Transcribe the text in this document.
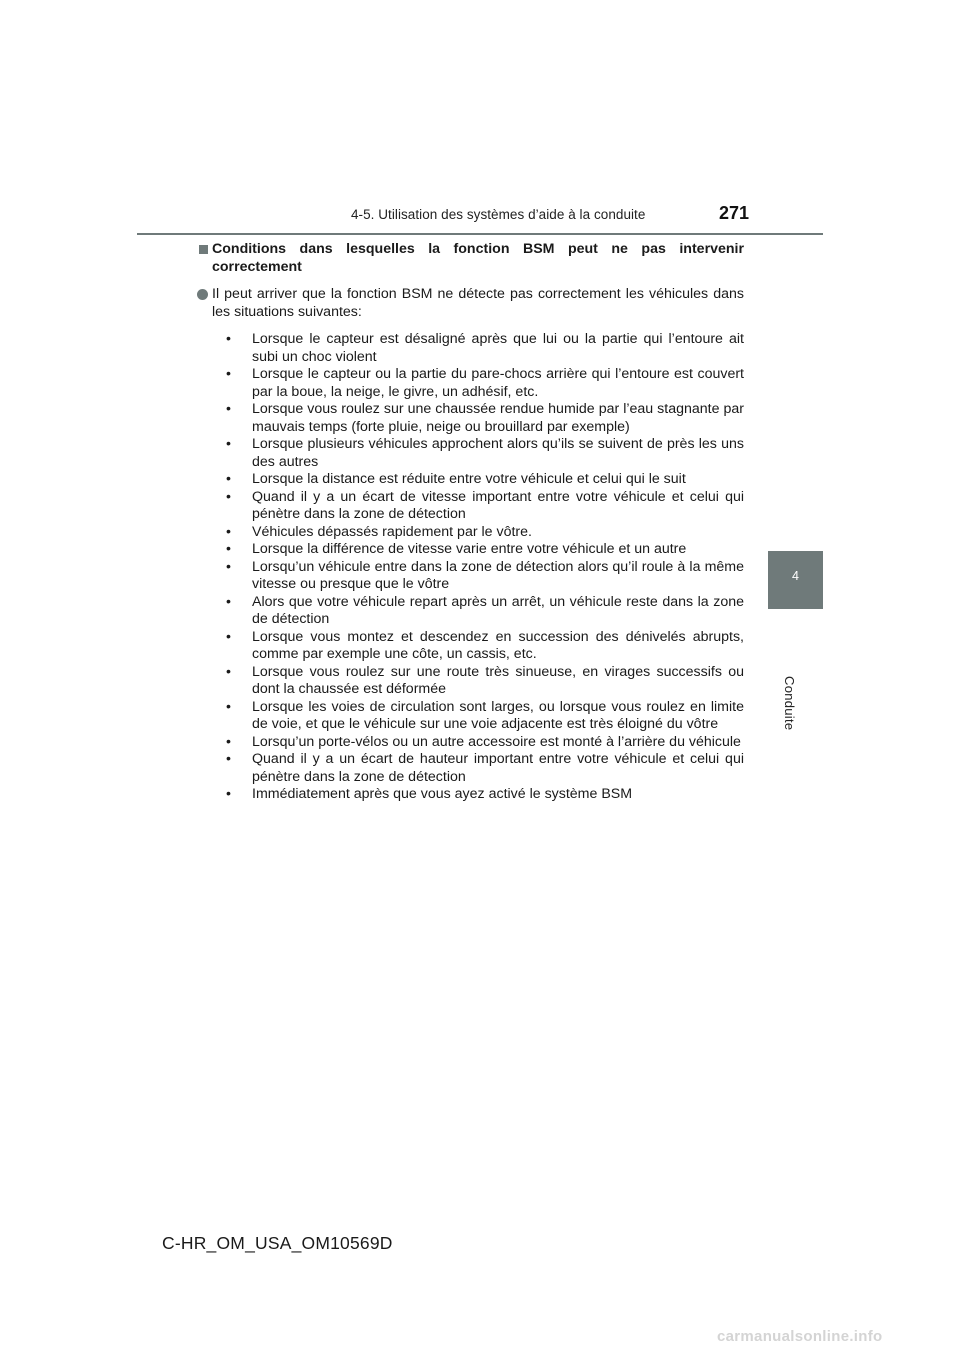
4-5. Utilisation des systèmes d’aide à la conduite	271
4
Conduite
Conditions dans lesquelles la fonction BSM peut ne pas intervenir correctement
Il peut arriver que la fonction BSM ne détecte pas correctement les véhicules dans les situations suivantes:
• Lorsque le capteur est désaligné après que lui ou la partie qui l’entoure ait subi un choc violent
• Lorsque le capteur ou la partie du pare-chocs arrière qui l’entoure est couvert par la boue, la neige, le givre, un adhésif, etc.
• Lorsque vous roulez sur une chaussée rendue humide par l’eau stagnante par mauvais temps (forte pluie, neige ou brouillard par exemple)
• Lorsque plusieurs véhicules approchent alors qu’ils se suivent de près les uns des autres
• Lorsque la distance est réduite entre votre véhicule et celui qui le suit
• Quand il y a un écart de vitesse important entre votre véhicule et celui qui pénètre dans la zone de détection
• Véhicules dépassés rapidement par le vôtre.
• Lorsque la différence de vitesse varie entre votre véhicule et un autre
• Lorsqu’un véhicule entre dans la zone de détection alors qu’il roule à la même vitesse ou presque que le vôtre
• Alors que votre véhicule repart après un arrêt, un véhicule reste dans la zone de détection
• Lorsque vous montez et descendez en succession des dénivelés abrupts, comme par exemple une côte, un cassis, etc.
• Lorsque vous roulez sur une route très sinueuse, en virages successifs ou dont la chaussée est déformée
• Lorsque les voies de circulation sont larges, ou lorsque vous roulez en limite de voie, et que le véhicule sur une voie adjacente est très éloigné du vôtre
• Lorsqu’un porte-vélos ou un autre accessoire est monté à l’arrière du véhicule
• Quand il y a un écart de hauteur important entre votre véhicule et celui qui pénètre dans la zone de détection
• Immédiatement après que vous ayez activé le système BSM
C-HR_OM_USA_OM10569D
carmanualsonline.info
